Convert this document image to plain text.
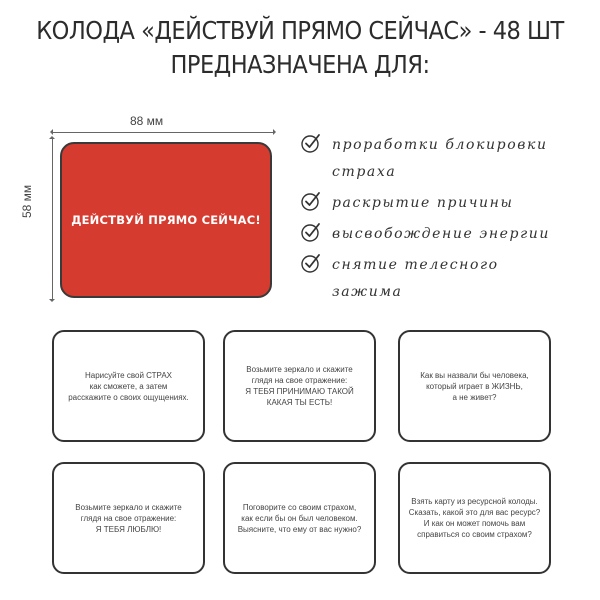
КОЛОДА «ДЕЙСТВУЙ ПРЯМО СЕЙЧАС» - 48 ШТ
ПРЕДНАЗНАЧЕНА ДЛЯ:
88 мм
58 мм
ДЕЙСТВУЙ ПРЯМО СЕЙЧАС!
проработки блокировки
страха
раскрытие причины
высвобождение энергии
снятие телесного
зажима
Нарисуйте свой СТРАХ
как сможете, а затем
расскажите о своих ощущениях.
Возьмите зеркало и скажите
глядя на свое отражение:
Я ТЕБЯ ПРИНИМАЮ ТАКОЙ
КАКАЯ ТЫ ЕСТЬ!
Как вы назвали бы человека,
который играет в ЖИЗНЬ,
а не живет?
Возьмите зеркало и скажите
глядя на свое отражение:
Я ТЕБЯ ЛЮБЛЮ!
Поговорите со своим страхом,
как если бы он был человеком.
Выясните, что ему от вас нужно?
Взять карту из ресурсной колоды.
Сказать, какой это для вас ресурс?
И как он может помочь вам
справиться со своим страхом?
